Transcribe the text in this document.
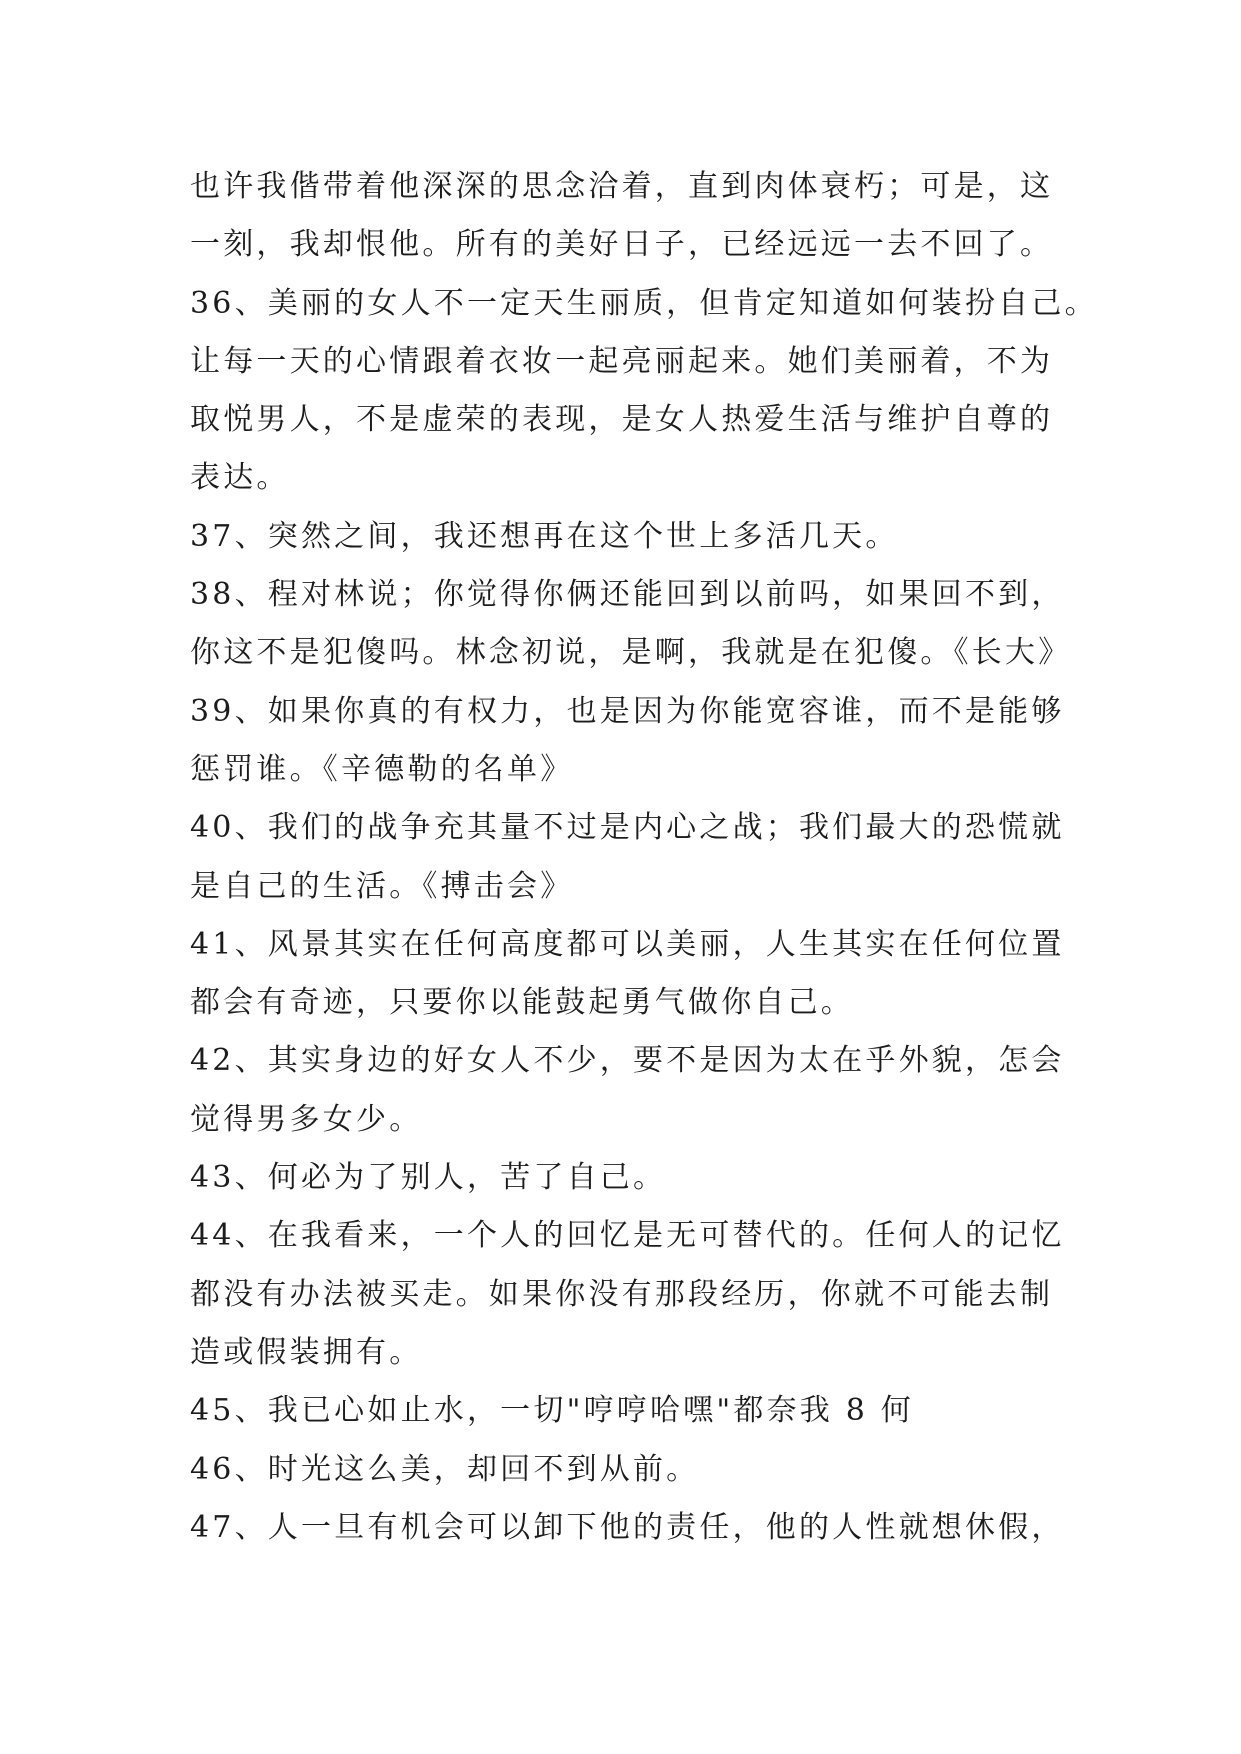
也许我偕带着他深深的思念洽着，直到肉体衰朽；可是，这
一刻，我却恨他。所有的美好日子，已经远远一去不回了。
36、美丽的女人不一定天生丽质，但肯定知道如何装扮自己。
让每一天的心情跟着衣妆一起亮丽起来。她们美丽着，不为
取悦男人，不是虚荣的表现，是女人热爱生活与维护自尊的
表达。
37、突然之间，我还想再在这个世上多活几天。
38、程对林说；你觉得你俩还能回到以前吗，如果回不到，
你这不是犯傻吗。林念初说，是啊，我就是在犯傻。《长大》
39、如果你真的有权力，也是因为你能宽容谁，而不是能够
惩罚谁。《辛德勒的名单》
40、我们的战争充其量不过是内心之战；我们最大的恐慌就
是自己的生活。《搏击会》
41、风景其实在任何高度都可以美丽，人生其实在任何位置
都会有奇迹，只要你以能鼓起勇气做你自己。
42、其实身边的好女人不少，要不是因为太在乎外貌，怎会
觉得男多女少。
43、何必为了别人，苦了自己。
44、在我看来，一个人的回忆是无可替代的。任何人的记忆
都没有办法被买走。如果你没有那段经历，你就不可能去制
造或假装拥有。
45、我已心如止水，一切"哼哼哈嘿"都奈我 8 何
46、时光这么美，却回不到从前。
47、人一旦有机会可以卸下他的责任，他的人性就想休假，
